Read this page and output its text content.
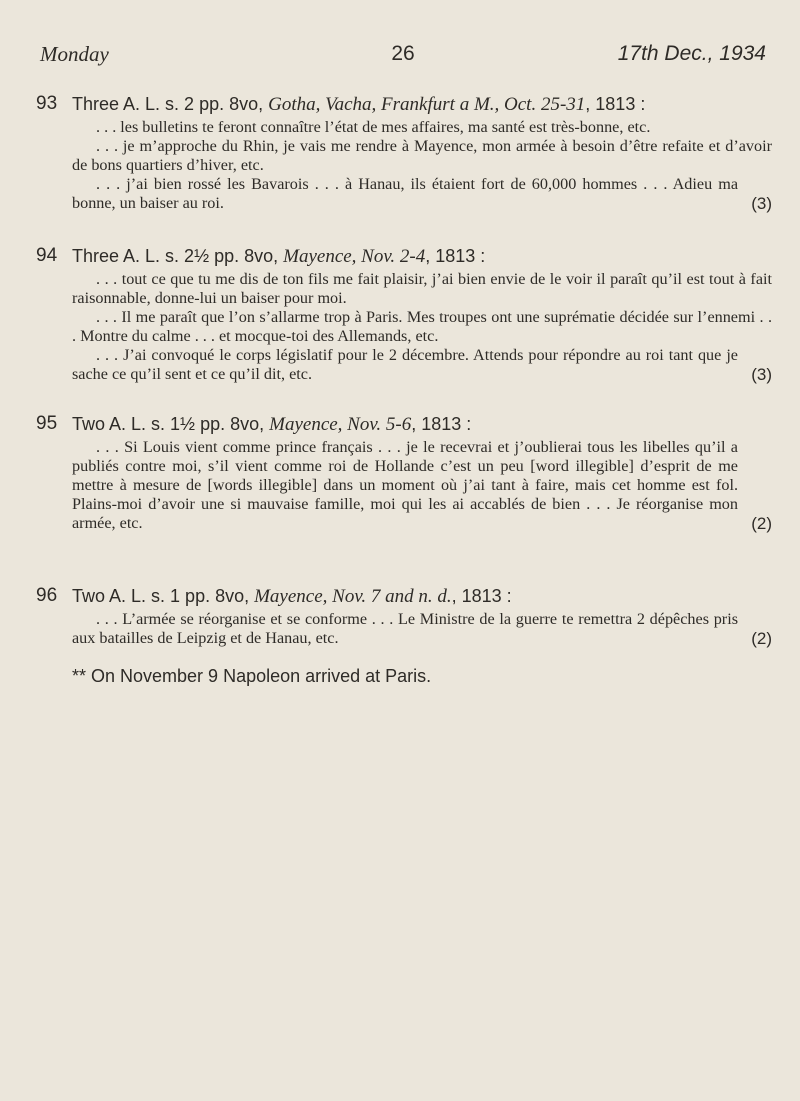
Monday	26	17th Dec., 1934
93 Three A. L. s. 2 pp. 8vo, Gotha, Vacha, Frankfurt a M., Oct. 25-31, 1813 :

. . . les bulletins te feront connaître l’état de mes affaires, ma santé est très-bonne, etc.

. . . je m’approche du Rhin, je vais me rendre à Mayence, mon armée à besoin d’être refaite et d’avoir de bons quartiers d’hiver, etc.

. . . j’ai bien rossé les Bavarois . . . à Hanau, ils étaient fort de 60,000 hommes . . . Adieu ma bonne, un baiser au roi.	(3)

94 Three A. L. s. 2½ pp. 8vo, Mayence, Nov. 2-4, 1813 :

. . . tout ce que tu me dis de ton fils me fait plaisir, j’ai bien envie de le voir il paraît qu’il est tout à fait raisonnable, donne-lui un baiser pour moi.

. . . Il me paraît que l’on s’allarme trop à Paris. Mes troupes ont une suprématie décidée sur l’ennemi . . . Montre du calme . . . et mocque-toi des Allemands, etc.

. . . J’ai convoqué le corps législatif pour le 2 décembre. Attends pour répondre au roi tant que je sache ce qu’il sent et ce qu’il dit, etc.	(3)

95 Two A. L. s. 1½ pp. 8vo, Mayence, Nov. 5-6, 1813 :

. . . Si Louis vient comme prince français . . . je le recevrai et j’oublierai tous les libelles qu’il a publiés contre moi, s’il vient comme roi de Hollande c’est un peu [word illegible] d’esprit de me mettre à mesure de [words illegible] dans un moment où j’ai tant à faire, mais cet homme est fol. Plains-moi d’avoir une si mauvaise famille, moi qui les ai accablés de bien . . . Je réorganise mon armée, etc.	(2)

96 Two A. L. s. 1 pp. 8vo, Mayence, Nov. 7 and n. d., 1813 :

. . . L’armée se réorganise et se conforme . . . Le Ministre de la guerre te remettra 2 dépêches pris aux batailles de Leipzig et de Hanau, etc.	(2)

** On November 9 Napoleon arrived at Paris.
